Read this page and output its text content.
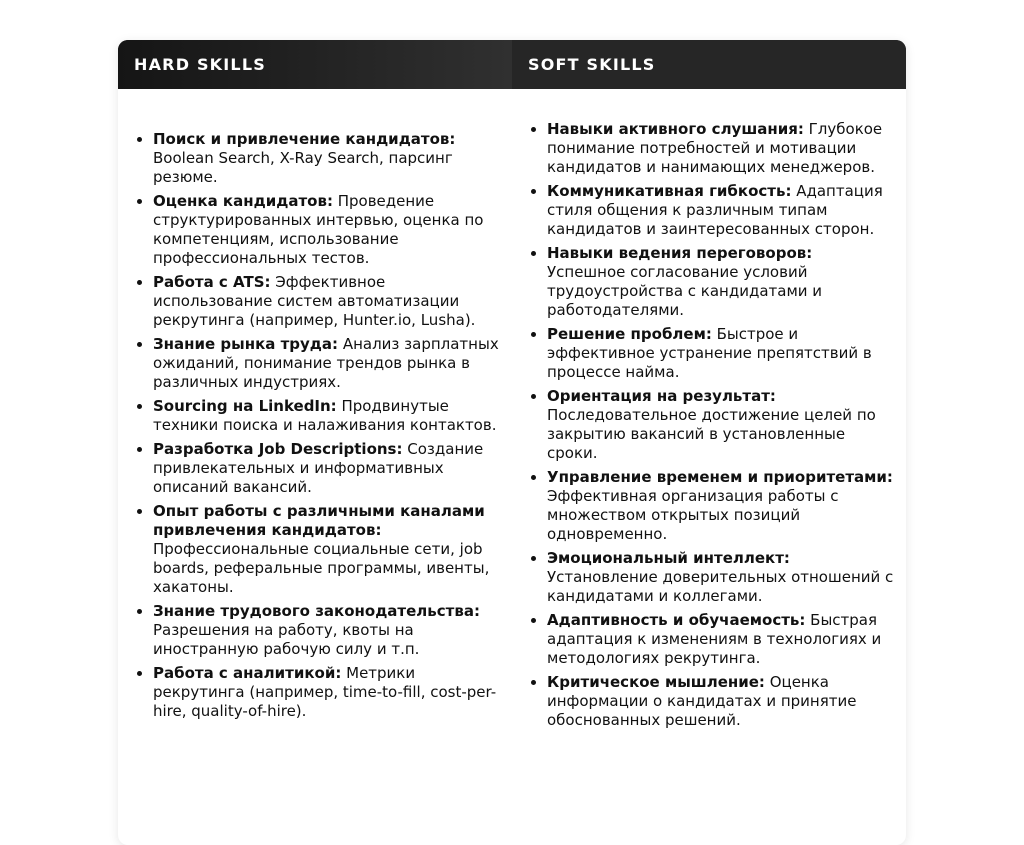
HARD SKILLS	SOFT SKILLS
• Поиск и привлечение кандидатов: Boolean Search, X-Ray Search, парсинг резюме.
• Оценка кандидатов: Проведение структурированных интервью, оценка по компетенциям, использование профессиональных тестов.
• Работа с ATS: Эффективное использование систем автоматизации рекрутинга (например, Hunter.io, Lusha).
• Знание рынка труда: Анализ зарплатных ожиданий, понимание трендов рынка в различных индустриях.
• Sourcing на LinkedIn: Продвинутые техники поиска и налаживания контактов.
• Разработка Job Descriptions: Создание привлекательных и информативных описаний вакансий.
• Опыт работы с различными каналами привлечения кандидатов: Профессиональные социальные сети, job boards, реферальные программы, ивенты, хакатоны.
• Знание трудового законодательства: Разрешения на работу, квоты на иностранную рабочую силу и т.п.
• Работа с аналитикой: Метрики рекрутинга (например, time-to-fill, cost-per-hire, quality-of-hire).
• Навыки активного слушания: Глубокое понимание потребностей и мотивации кандидатов и нанимающих менеджеров.
• Коммуникативная гибкость: Адаптация стиля общения к различным типам кандидатов и заинтересованных сторон.
• Навыки ведения переговоров: Успешное согласование условий трудоустройства с кандидатами и работодателями.
• Решение проблем: Быстрое и эффективное устранение препятствий в процессе найма.
• Ориентация на результат: Последовательное достижение целей по закрытию вакансий в установленные сроки.
• Управление временем и приоритетами: Эффективная организация работы с множеством открытых позиций одновременно.
• Эмоциональный интеллект: Установление доверительных отношений с кандидатами и коллегами.
• Адаптивность и обучаемость: Быстрая адаптация к изменениям в технологиях и методологиях рекрутинга.
• Критическое мышление: Оценка информации о кандидатах и принятие обоснованных решений.
